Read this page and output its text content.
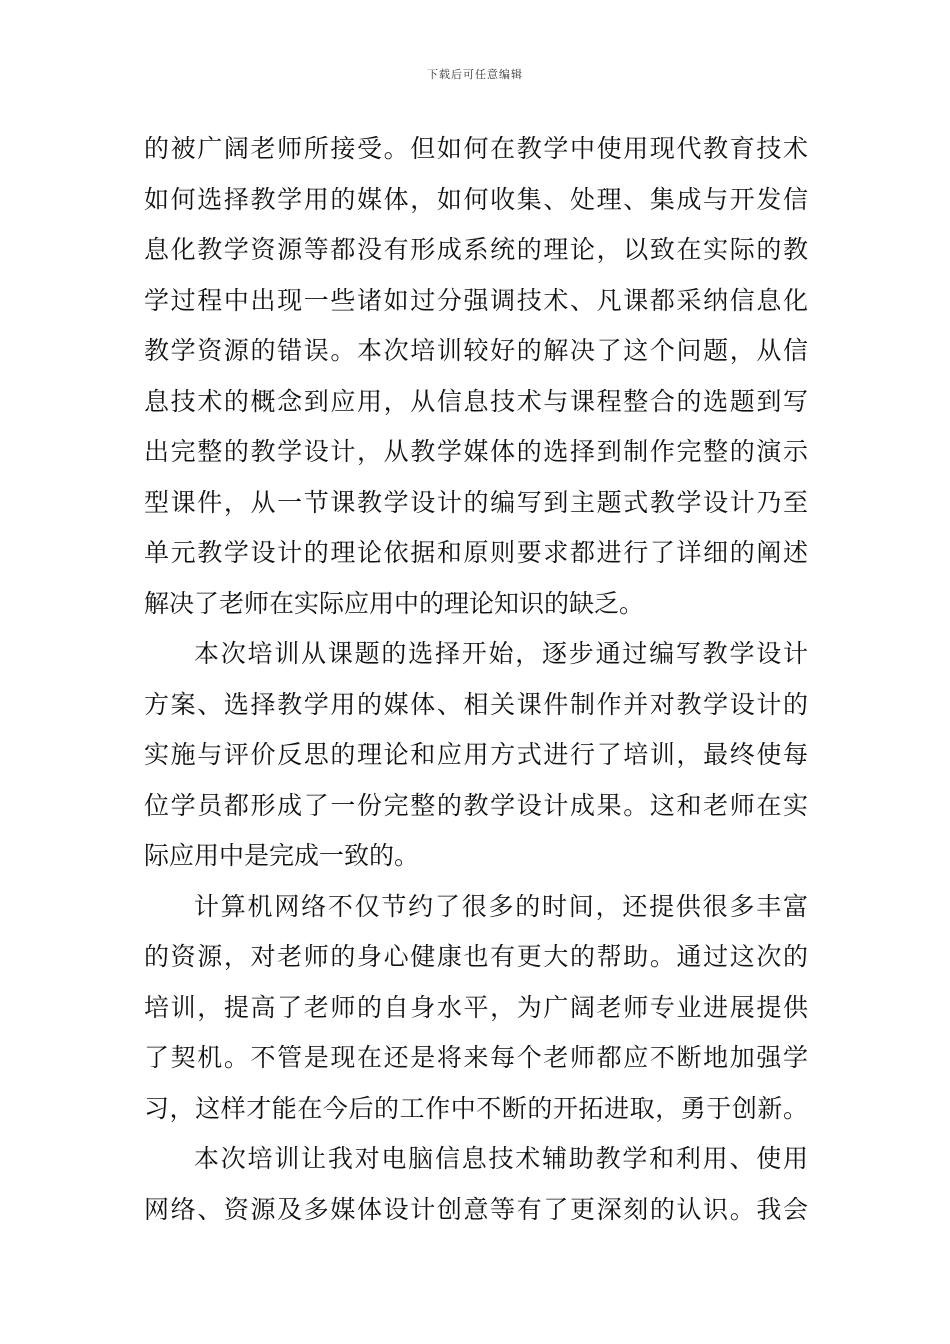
下载后可任意编辑

的被广阔老师所接受。但如何在教学中使用现代教育技术
如何选择教学用的媒体，如何收集、处理、集成与开发信
息化教学资源等都没有形成系统的理论，以致在实际的教
学过程中出现一些诸如过分强调技术、凡课都采纳信息化
教学资源的错误。本次培训较好的解决了这个问题，从信
息技术的概念到应用，从信息技术与课程整合的选题到写
出完整的教学设计，从教学媒体的选择到制作完整的演示
型课件，从一节课教学设计的编写到主题式教学设计乃至
单元教学设计的理论依据和原则要求都进行了详细的阐述
解决了老师在实际应用中的理论知识的缺乏。

本次培训从课题的选择开始，逐步通过编写教学设计
方案、选择教学用的媒体、相关课件制作并对教学设计的
实施与评价反思的理论和应用方式进行了培训，最终使每
位学员都形成了一份完整的教学设计成果。这和老师在实
际应用中是完成一致的。

计算机网络不仅节约了很多的时间，还提供很多丰富
的资源，对老师的身心健康也有更大的帮助。通过这次的
培训，提高了老师的自身水平，为广阔老师专业进展提供
了契机。不管是现在还是将来每个老师都应不断地加强学
习，这样才能在今后的工作中不断的开拓进取，勇于创新。

本次培训让我对电脑信息技术辅助教学和利用、使用
网络、资源及多媒体设计创意等有了更深刻的认识。我会
